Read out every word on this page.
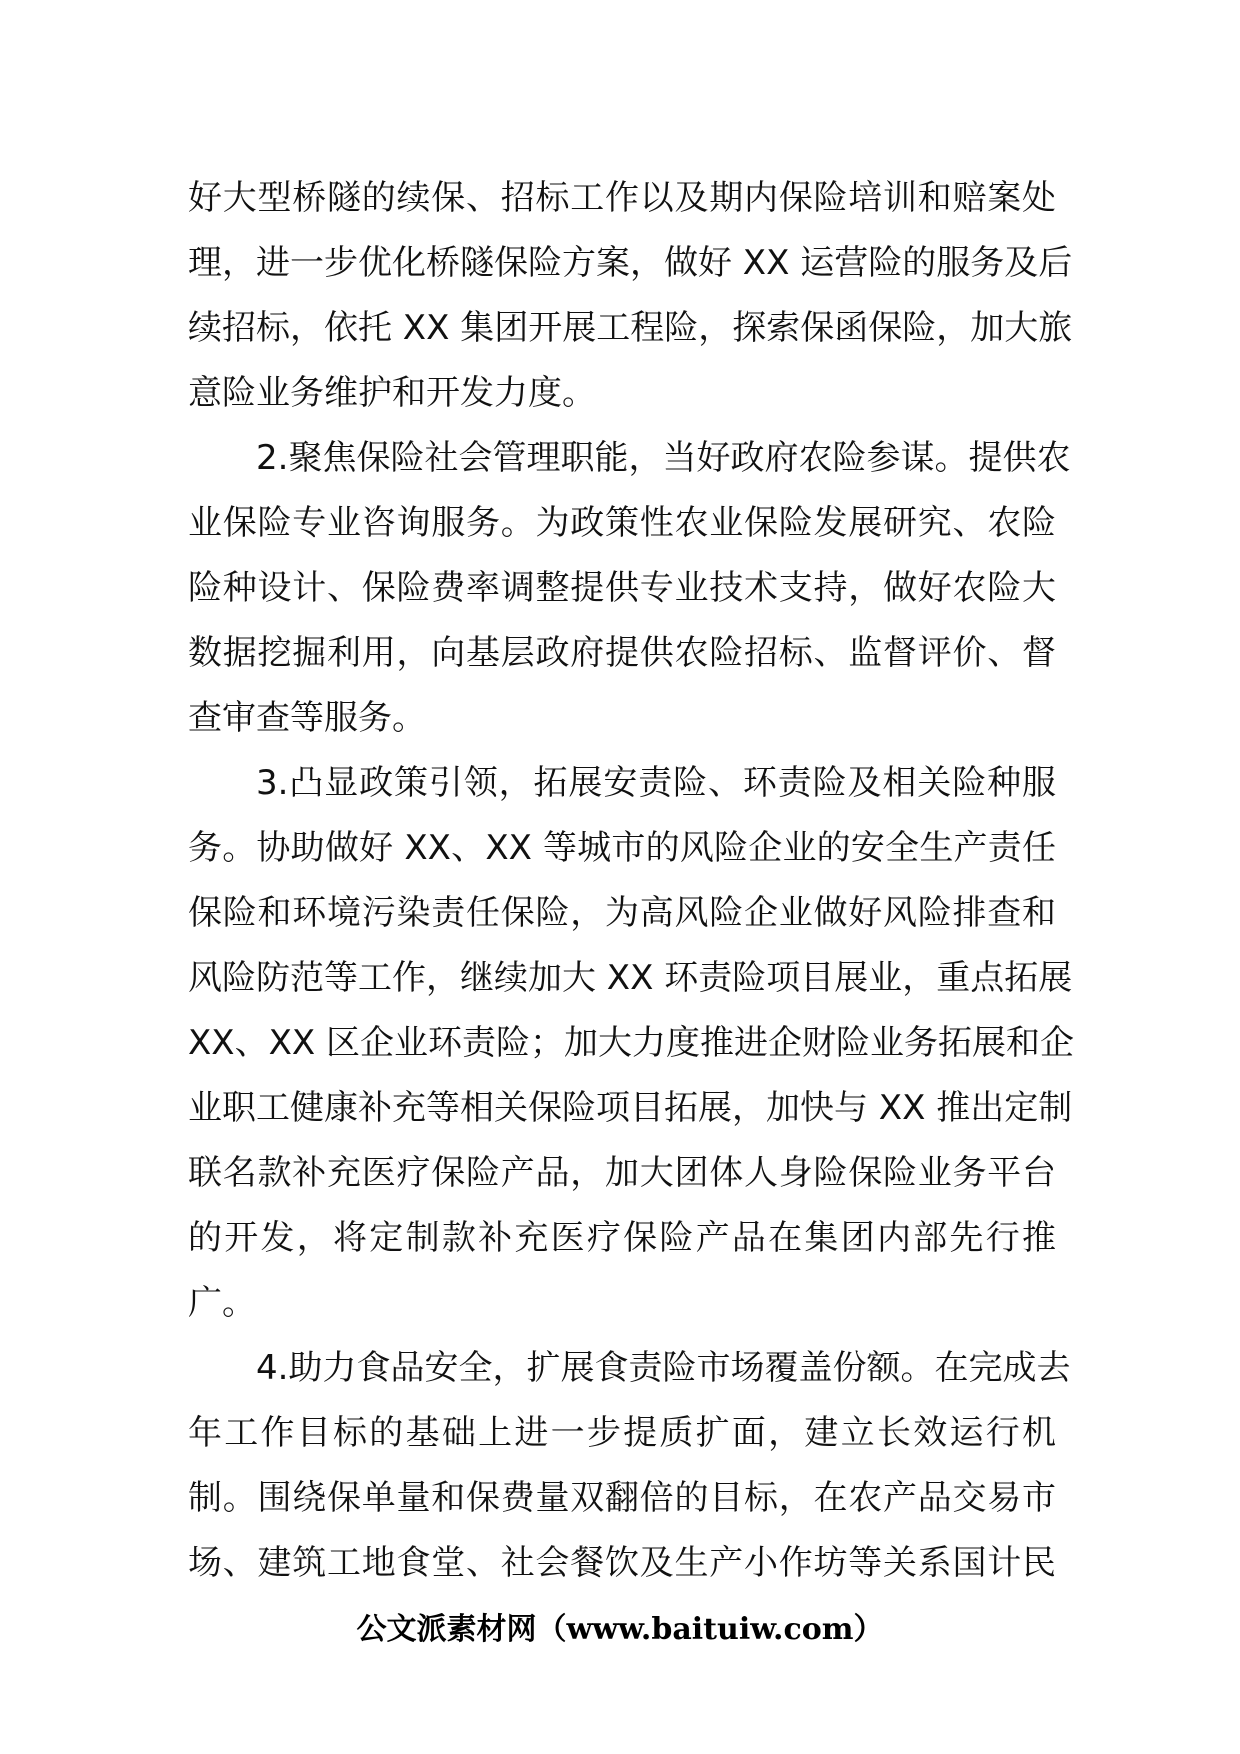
好大型桥隧的续保、招标工作以及期内保险培训和赔案处
理，进一步优化桥隧保险方案，做好 XX 运营险的服务及后
续招标，依托 XX 集团开展工程险，探索保函保险，加大旅
意险业务维护和开发力度。
2.聚焦保险社会管理职能，当好政府农险参谋。提供农
业保险专业咨询服务。为政策性农业保险发展研究、农险
险种设计、保险费率调整提供专业技术支持，做好农险大
数据挖掘利用，向基层政府提供农险招标、监督评价、督
查审查等服务。
3.凸显政策引领，拓展安责险、环责险及相关险种服
务。协助做好 XX、XX 等城市的风险企业的安全生产责任
保险和环境污染责任保险，为高风险企业做好风险排查和
风险防范等工作，继续加大 XX 环责险项目展业，重点拓展
XX、XX 区企业环责险；加大力度推进企财险业务拓展和企
业职工健康补充等相关保险项目拓展，加快与 XX 推出定制
联名款补充医疗保险产品，加大团体人身险保险业务平台
的开发，将定制款补充医疗保险产品在集团内部先行推
广。
4.助力食品安全，扩展食责险市场覆盖份额。在完成去
年工作目标的基础上进一步提质扩面，建立长效运行机
制。围绕保单量和保费量双翻倍的目标，在农产品交易市
场、建筑工地食堂、社会餐饮及生产小作坊等关系国计民
公文派素材网（www.baituiw.com）
